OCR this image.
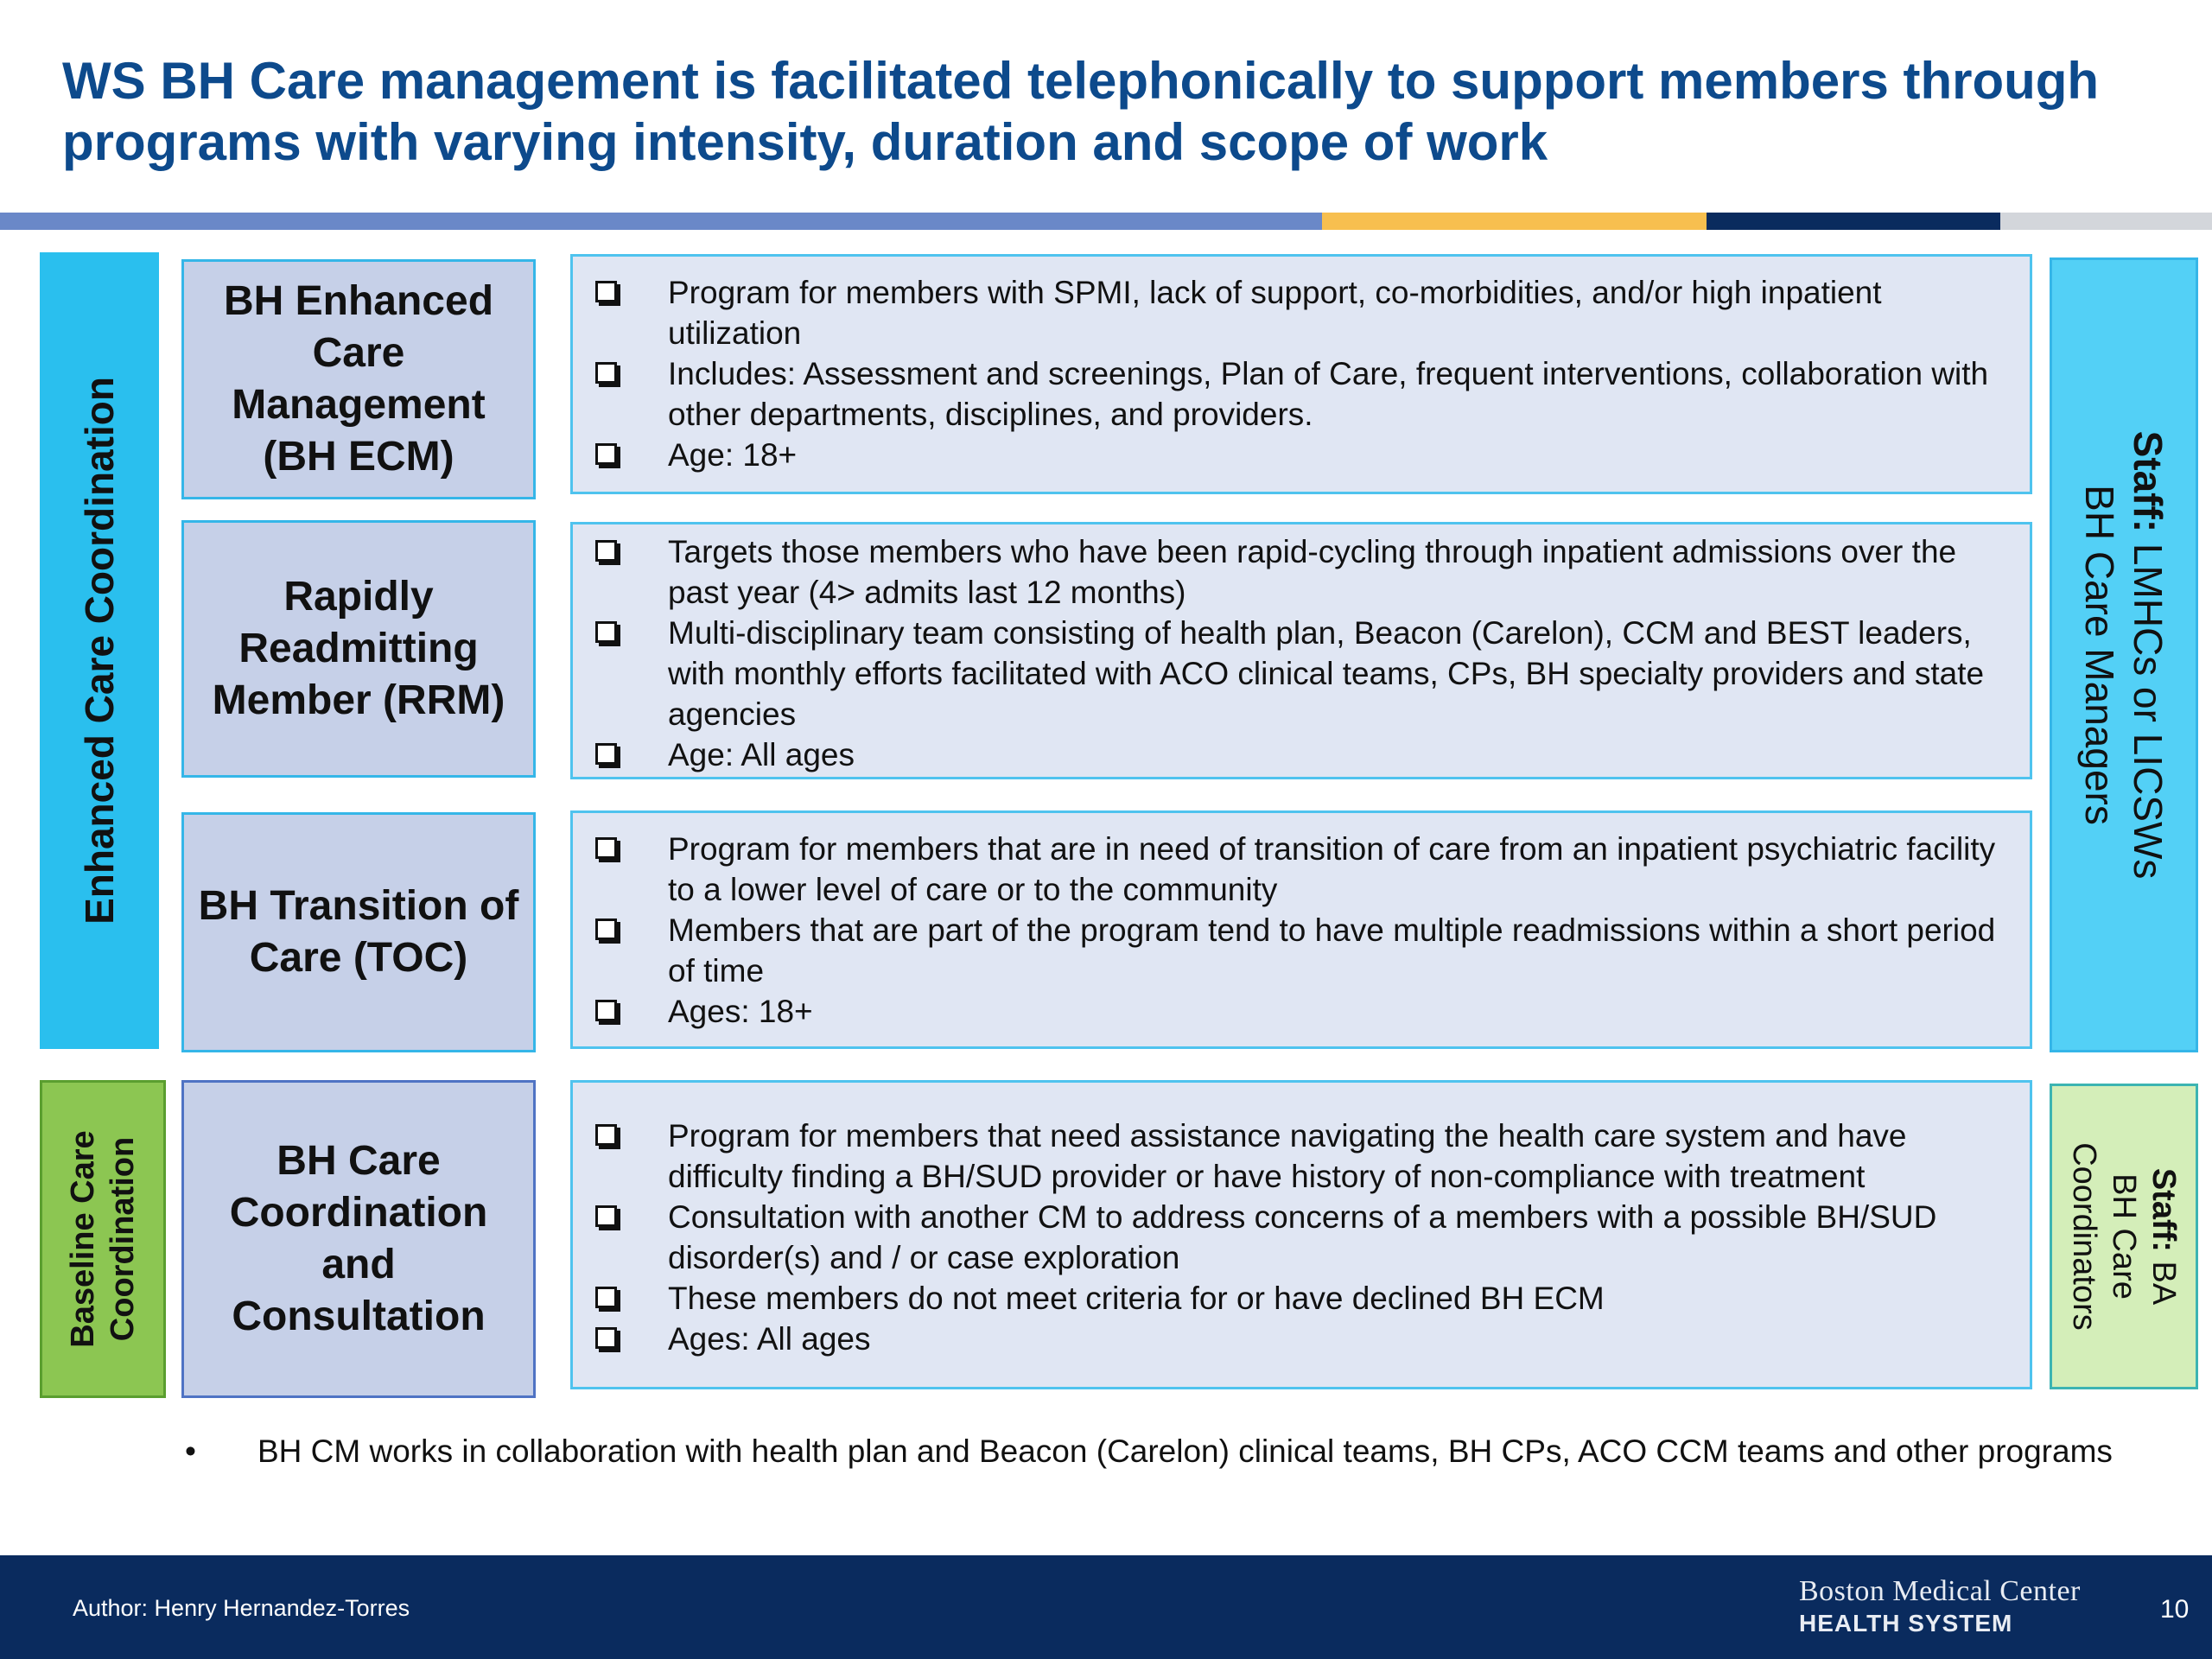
WS BH Care management is facilitated telephonically to support members through programs with varying intensity, duration and scope of work
Enhanced Care Coordination
Baseline Care Coordination
BH Enhanced Care Management (BH ECM)
Rapidly Readmitting Member (RRM)
BH Transition of Care (TOC)
BH Care Coordination and Consultation
Program for members with SPMI, lack of support, co-morbidities, and/or high inpatient utilization
Includes: Assessment and screenings, Plan of Care, frequent interventions, collaboration with other departments, disciplines, and providers.
Age: 18+
Targets those members who have been rapid-cycling through inpatient admissions over the past year (4> admits last 12 months)
Multi-disciplinary team consisting of health plan, Beacon (Carelon), CCM and BEST leaders, with monthly efforts facilitated with ACO clinical teams, CPs, BH specialty providers and state agencies
Age: All ages
Program for members that are in need of transition of care from an inpatient psychiatric facility to a lower level of care or to the community
Members that are part of the program tend to have multiple readmissions within a short period of time
Ages: 18+
Program for members that need assistance navigating the health care system and have difficulty finding a BH/SUD provider or have history of non-compliance with treatment
Consultation with another CM to address concerns of a members with a possible BH/SUD disorder(s) and / or case exploration
These members do not meet criteria for or have declined BH ECM
Ages: All ages
Staff: LMHCs or LICSWs
BH Care Managers
Staff: BA
BH Care
Coordinators
• BH CM works in collaboration with health plan and Beacon (Carelon) clinical teams, BH CPs, ACO CCM teams and other programs
Author: Henry Hernandez-Torres
Boston Medical Center
HEALTH SYSTEM	10
